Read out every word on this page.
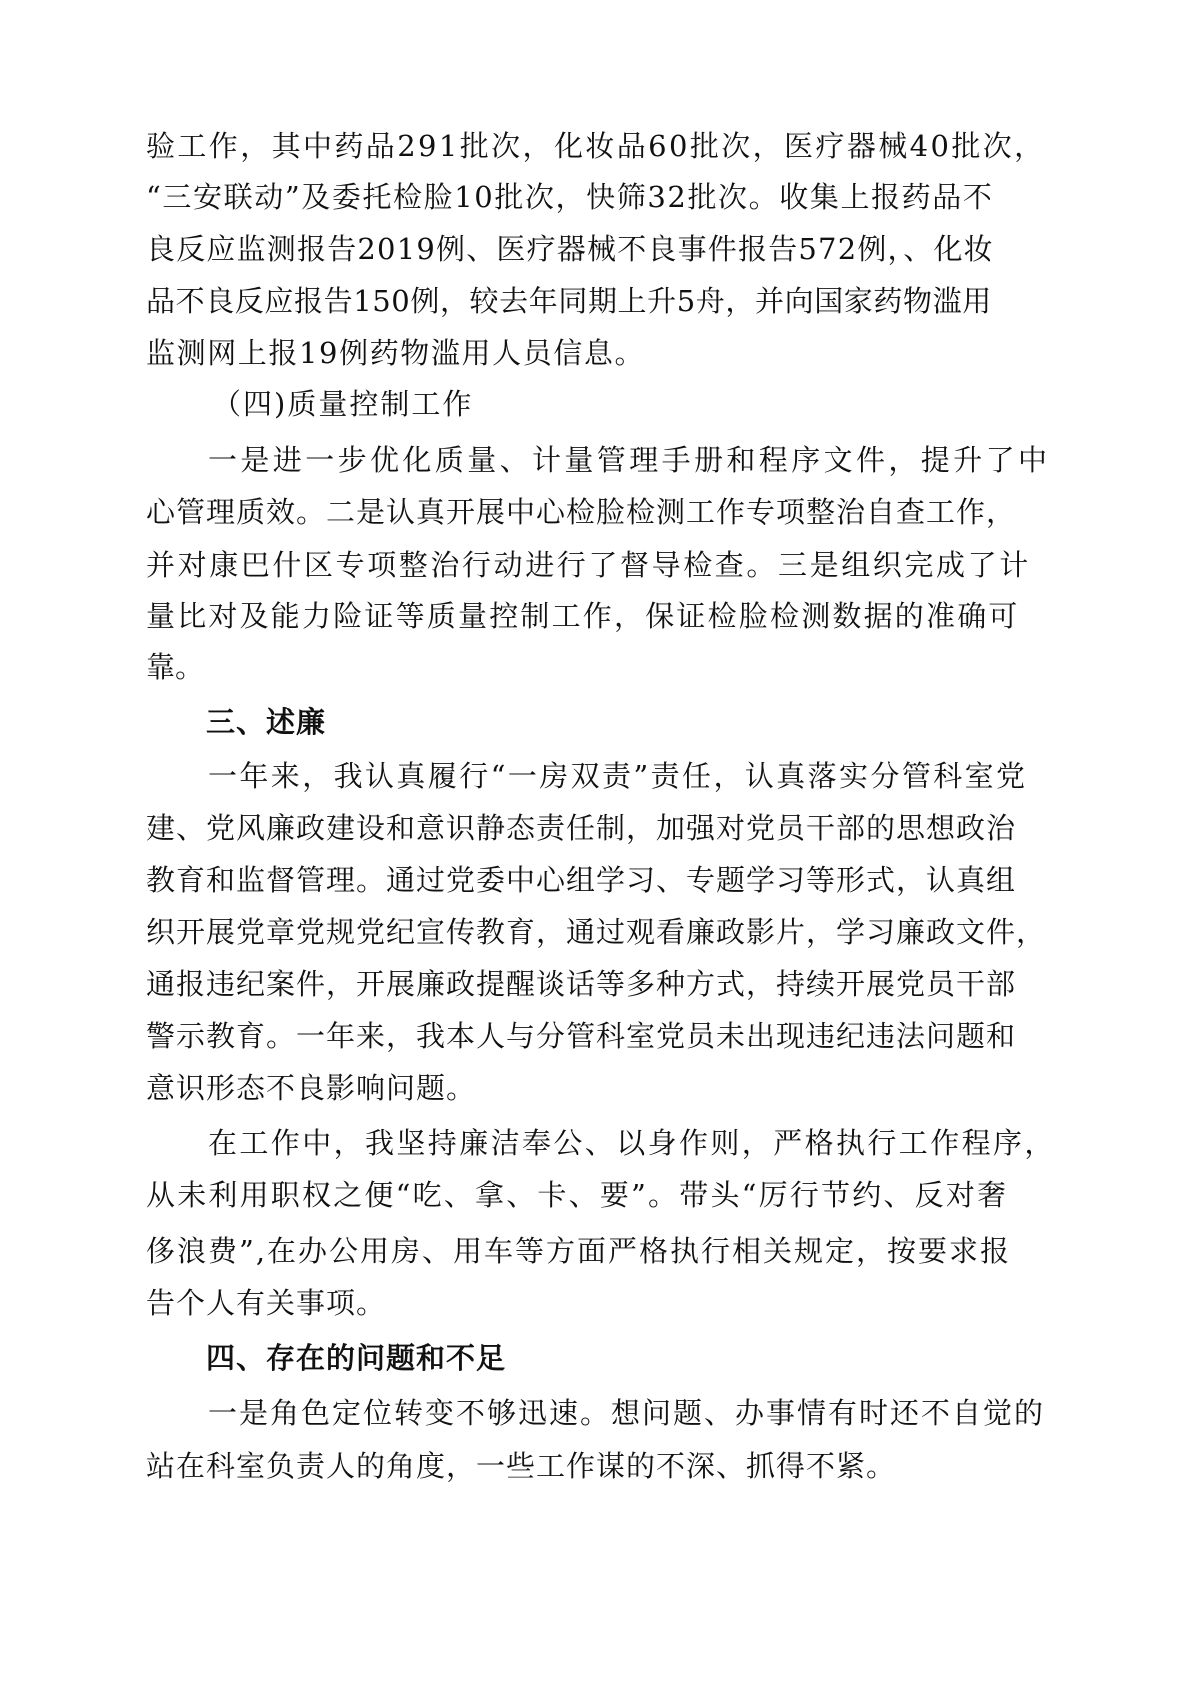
验工作，其中药品291批次，化妆品60批次，医疗器械40批次，

“三安联动”及委托检脸10批次，快筛32批次。收集上报药品不

良反应监测报告2019例、医疗器械不良事件报告572例，、化妆

品不良反应报告150例，较去年同期上升5舟，并向国家药物滥用

监测网上报19例药物滥用人员信息。

（四)质量控制工作

一是进一步优化质量、计量管理手册和程序文件，提升了中

心管理质效。二是认真开展中心检脸检测工作专项整治自查工作，

并对康巴什区专项整治行动进行了督导检查。三是组织完成了计

量比对及能力险证等质量控制工作，保证检脸检测数据的准确可

靠。

三、述廉

一年来，我认真履行“一房双责”责任，认真落实分管科室党

建、党风廉政建设和意识静态责任制，加强对党员干部的思想政治

教育和监督管理。通过党委中心组学习、专题学习等形式，认真组

织开展党章党规党纪宣传教育，通过观看廉政影片，学习廉政文件，

通报违纪案件，开展廉政提醒谈话等多种方式，持续开展党员干部

警示教育。一年来，我本人与分管科室党员未出现违纪违法问题和

意识形态不良影响问题。

在工作中，我坚持廉洁奉公、以身作则，严格执行工作程序，

从未利用职权之便“吃、拿、卡、要”。带头“厉行节约、反对奢

侈浪费”,在办公用房、用车等方面严格执行相关规定，按要求报

告个人有关事项。

四、存在的问题和不足

一是角色定位转变不够迅速。想问题、办事情有时还不自觉的

站在科室负责人的角度，一些工作谋的不深、抓得不紧。
